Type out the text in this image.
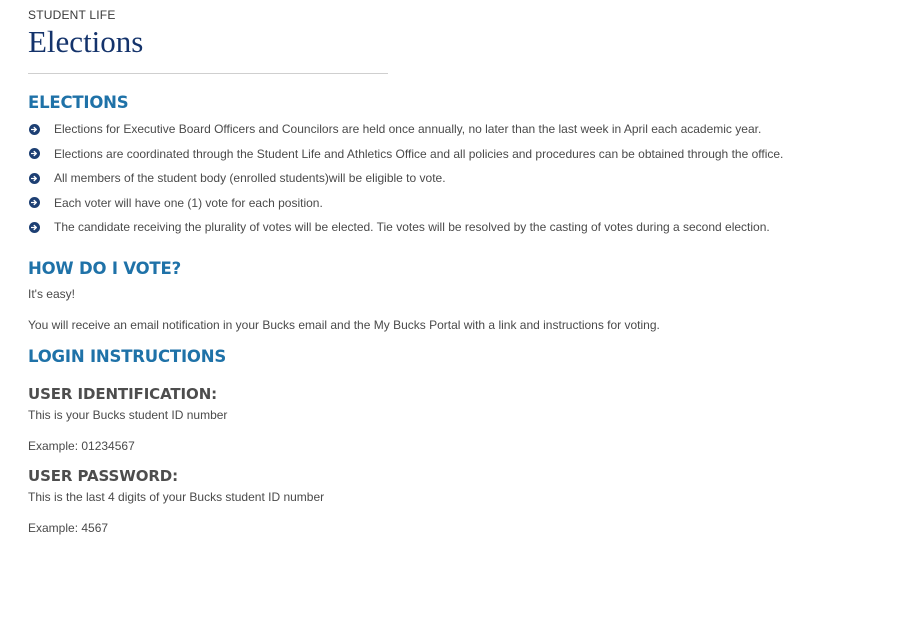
STUDENT LIFE
Elections
ELECTIONS
Elections for Executive Board Officers and Councilors are held once annually, no later than the last week in April each academic year.
Elections are coordinated through the Student Life and Athletics Office and all policies and procedures can be obtained through the office.
All members of the student body (enrolled students)will be eligible to vote.
Each voter will have one (1) vote for each position.
The candidate receiving the plurality of votes will be elected. Tie votes will be resolved by the casting of votes during a second election.
HOW DO I VOTE?

It's easy!

You will receive an email notification in your Bucks email and the My Bucks Portal with a link and instructions for voting.

LOGIN INSTRUCTIONS
USER IDENTIFICATION:

This is your Bucks student ID number

Example: 01234567

USER PASSWORD:

This is the last 4 digits of your Bucks student ID number

Example: 4567
